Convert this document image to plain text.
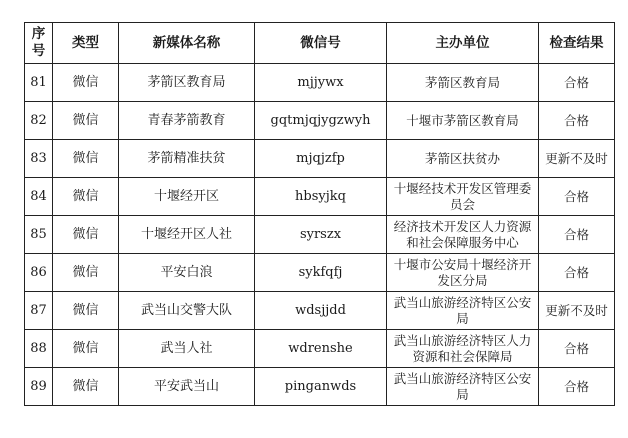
序号	类型	新媒体名称	微信号	主办单位	检查结果
81	微信	茅箭区教育局	mjjywx	茅箭区教育局	合格
82	微信	青春茅箭教育	gqtmjqjygzwyh	十堰市茅箭区教育局	合格
83	微信	茅箭精准扶贫	mjqjzfp	茅箭区扶贫办	更新不及时
84	微信	十堰经开区	hbsyjkq	十堰经技术开发区管理委员会	合格
85	微信	十堰经开区人社	syrszx	经济技术开发区人力资源和社会保障服务中心	合格
86	微信	平安白浪	sykfqfj	十堰市公安局十堰经济开发区分局	合格
87	微信	武当山交警大队	wdsjjdd	武当山旅游经济特区公安局	更新不及时
88	微信	武当人社	wdrenshe	武当山旅游经济特区人力资源和社会保障局	合格
89	微信	平安武当山	pinganwds	武当山旅游经济特区公安局	合格
